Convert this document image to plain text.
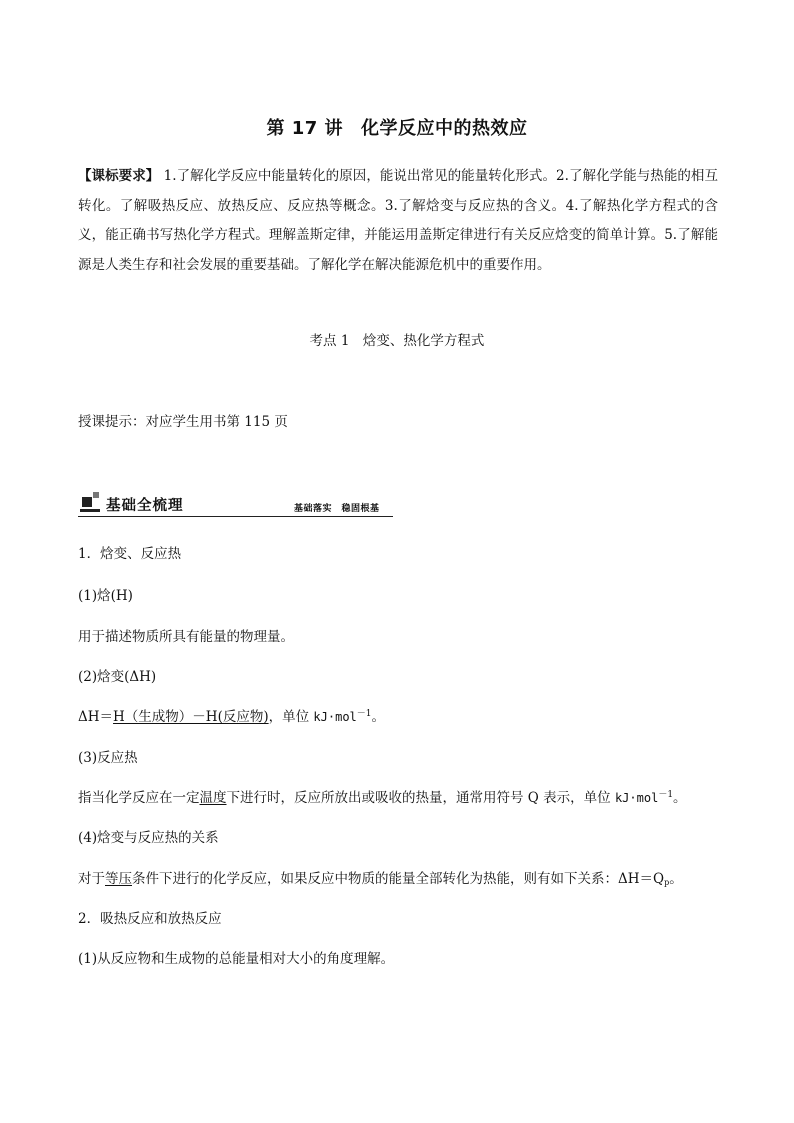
第 17 讲 化学反应中的热效应
【课标要求】 1.了解化学反应中能量转化的原因，能说出常见的能量转化形式。2.了解化学能与热能的相互转化。了解吸热反应、放热反应、反应热等概念。3.了解焓变与反应热的含义。4.了解热化学方程式的含义，能正确书写热化学方程式。理解盖斯定律，并能运用盖斯定律进行有关反应焓变的简单计算。5.了解能源是人类生存和社会发展的重要基础。了解化学在解决能源危机中的重要作用。
考点 1　焓变、热化学方程式
授课提示：对应学生用书第 115 页
基础全梳理	基础落实　稳固根基
1．焓变、反应热
(1)焓(H)
用于描述物质所具有能量的物理量。
(2)焓变(ΔH)
ΔH＝H（生成物）－H(反应物)，单位 kJ·mol$^{-1}$。
(3)反应热
指当化学反应在一定温度下进行时，反应所放出或吸收的热量，通常用符号 Q 表示，单位 kJ·mol$^{-1}$。
(4)焓变与反应热的关系
对于等压条件下进行的化学反应，如果反应中物质的能量全部转化为热能，则有如下关系：$\Delta H=Q_p$。
2．吸热反应和放热反应
(1)从反应物和生成物的总能量相对大小的角度理解。
